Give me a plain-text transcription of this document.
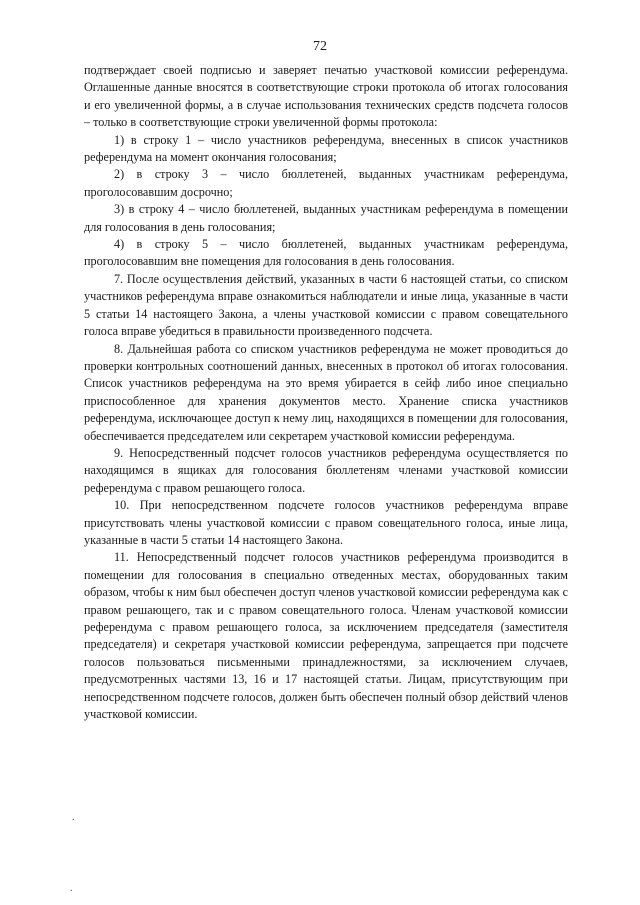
72

подтверждает своей подписью и заверяет печатью участковой комиссии референдума. Оглашенные данные вносятся в соответствующие строки протокола об итогах голосования и его увеличенной формы, а в случае использования технических средств подсчета голосов – только в соответствующие строки увеличенной формы протокола:

1) в строку 1 – число участников референдума, внесенных в список участников референдума на момент окончания голосования;

2) в строку 3 – число бюллетеней, выданных участникам референдума, проголосовавшим досрочно;

3) в строку 4 – число бюллетеней, выданных участникам референдума в помещении для голосования в день голосования;

4) в строку 5 – число бюллетеней, выданных участникам референдума, проголосовавшим вне помещения для голосования в день голосования.

7. После осуществления действий, указанных в части 6 настоящей статьи, со списком участников референдума вправе ознакомиться наблюдатели и иные лица, указанные в части 5 статьи 14 настоящего Закона, а члены участковой комиссии с правом совещательного голоса вправе убедиться в правильности произведенного подсчета.

8. Дальнейшая работа со списком участников референдума не может проводиться до проверки контрольных соотношений данных, внесенных в протокол об итогах голосования. Список участников референдума на это время убирается в сейф либо иное специально приспособленное для хранения документов место. Хранение списка участников референдума, исключающее доступ к нему лиц, находящихся в помещении для голосования, обеспечивается председателем или секретарем участковой комиссии референдума.

9. Непосредственный подсчет голосов участников референдума осуществляется по находящимся в ящиках для голосования бюллетеням членами участковой комиссии референдума с правом решающего голоса.

10. При непосредственном подсчете голосов участников референдума вправе присутствовать члены участковой комиссии с правом совещательного голоса, иные лица, указанные в части 5 статьи 14 настоящего Закона.

11. Непосредственный подсчет голосов участников референдума производится в помещении для голосования в специально отведенных местах, оборудованных таким образом, чтобы к ним был обеспечен доступ членов участковой комиссии референдума как с правом решающего, так и с правом совещательного голоса. Членам участковой комиссии референдума с правом решающего голоса, за исключением председателя (заместителя председателя) и секретаря участковой комиссии референдума, запрещается при подсчете голосов пользоваться письменными принадлежностями, за исключением случаев, предусмотренных частями 13, 16 и 17 настоящей статьи. Лицам, присутствующим при непосредственном подсчете голосов, должен быть обеспечен полный обзор действий членов участковой комиссии.

.
.
